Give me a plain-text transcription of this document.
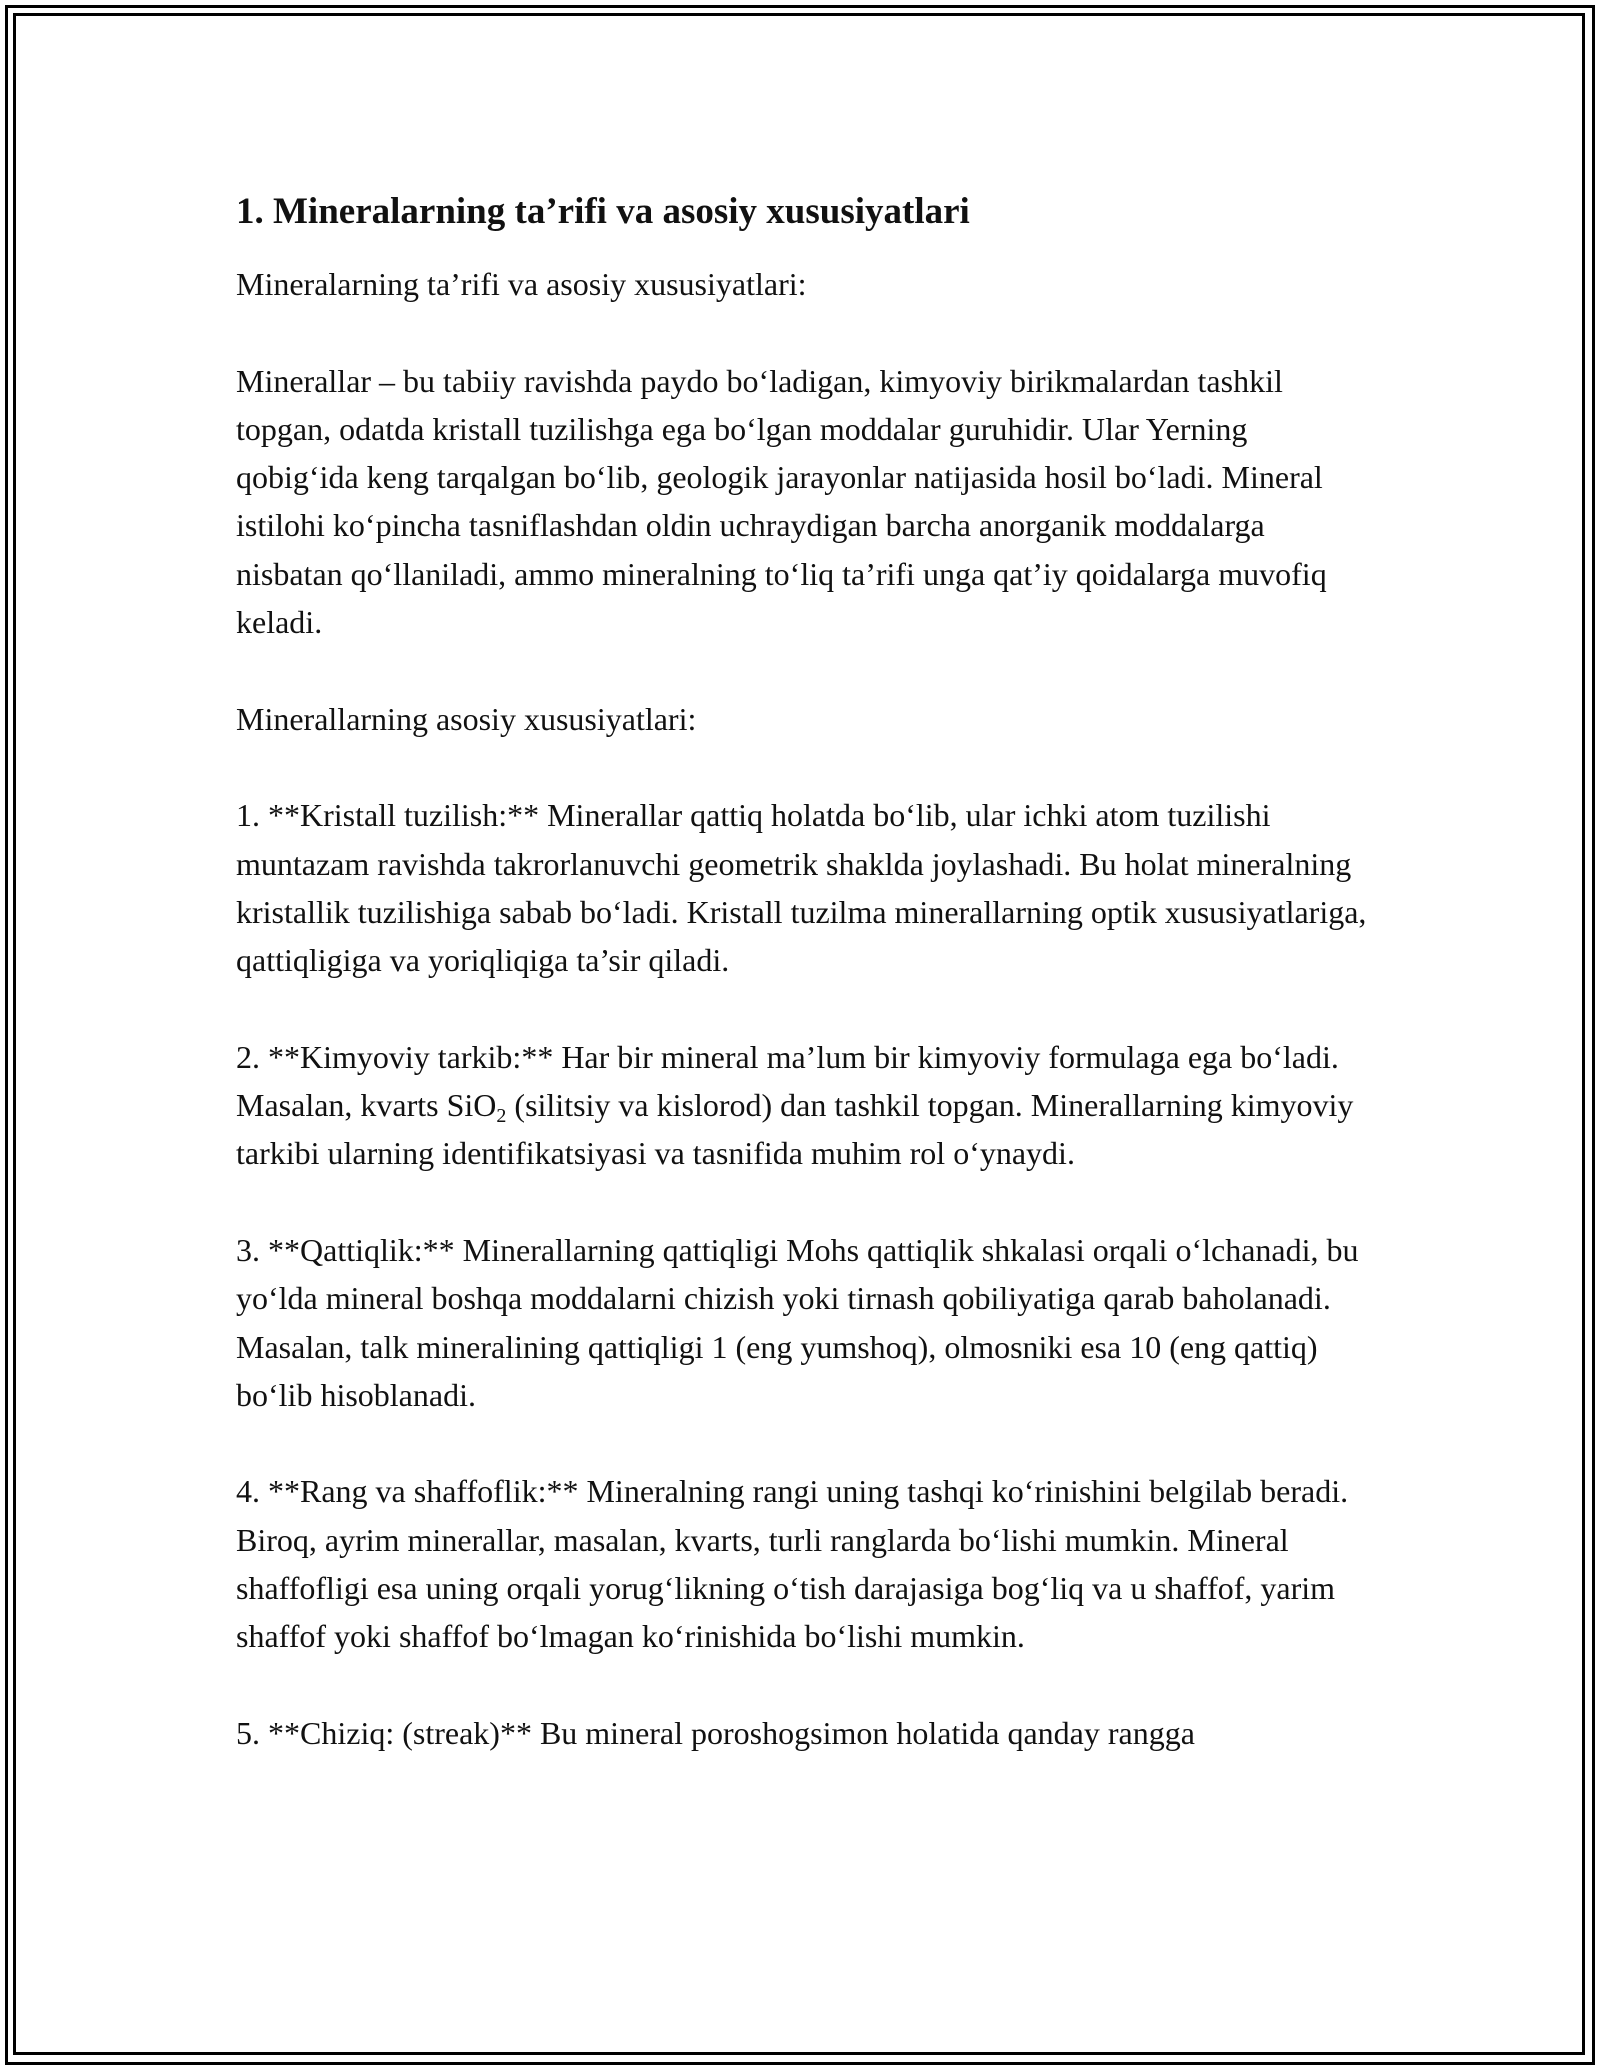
1. Mineralarning ta’rifi va asosiy xususiyatlari

Mineralarning ta’rifi va asosiy xususiyatlari:

Minerallar – bu tabiiy ravishda paydo bo‘ladigan, kimyoviy birikmalardan tashkil topgan, odatda kristall tuzilishga ega bo‘lgan moddalar guruhidir. Ular Yerning qobig‘ida keng tarqalgan bo‘lib, geologik jarayonlar natijasida hosil bo‘ladi. Mineral istilohi ko‘pincha tasniflashdan oldin uchraydigan barcha anorganik moddalarga nisbatan qo‘llaniladi, ammo mineralning to‘liq ta’rifi unga qat’iy qoidalarga muvofiq keladi.

Minerallarning asosiy xususiyatlari:

1. **Kristall tuzilish:** Minerallar qattiq holatda bo‘lib, ular ichki atom tuzilishi muntazam ravishda takrorlanuvchi geometrik shaklda joylashadi. Bu holat mineralning kristallik tuzilishiga sabab bo‘ladi. Kristall tuzilma minerallarning optik xususiyatlariga, qattiqligiga va yoriqliqiga ta’sir qiladi.

2. **Kimyoviy tarkib:** Har bir mineral ma’lum bir kimyoviy formulaga ega bo‘ladi. Masalan, kvarts SiO$_2$ (silitsiy va kislorod) dan tashkil topgan. Minerallarning kimyoviy tarkibi ularning identifikatsiyasi va tasnifida muhim rol o‘ynaydi.

3. **Qattiqlik:** Minerallarning qattiqligi Mohs qattiqlik shkalasi orqali o‘lchanadi, bu yo‘lda mineral boshqa moddalarni chizish yoki tirnash qobiliyatiga qarab baholanadi. Masalan, talk mineralining qattiqligi 1 (eng yumshoq), olmosniki esa 10 (eng qattiq) bo‘lib hisoblanadi.

4. **Rang va shaffoflik:** Mineralning rangi uning tashqi ko‘rinishini belgilab beradi. Biroq, ayrim minerallar, masalan, kvarts, turli ranglarda bo‘lishi mumkin. Mineral shaffofligi esa uning orqali yorug‘likning o‘tish darajasiga bog‘liq va u shaffof, yarim shaffof yoki shaffof bo‘lmagan ko‘rinishida bo‘lishi mumkin.

5. **Chiziq: (streak)** Bu mineral poroshogsimon holatida qanday rangga
